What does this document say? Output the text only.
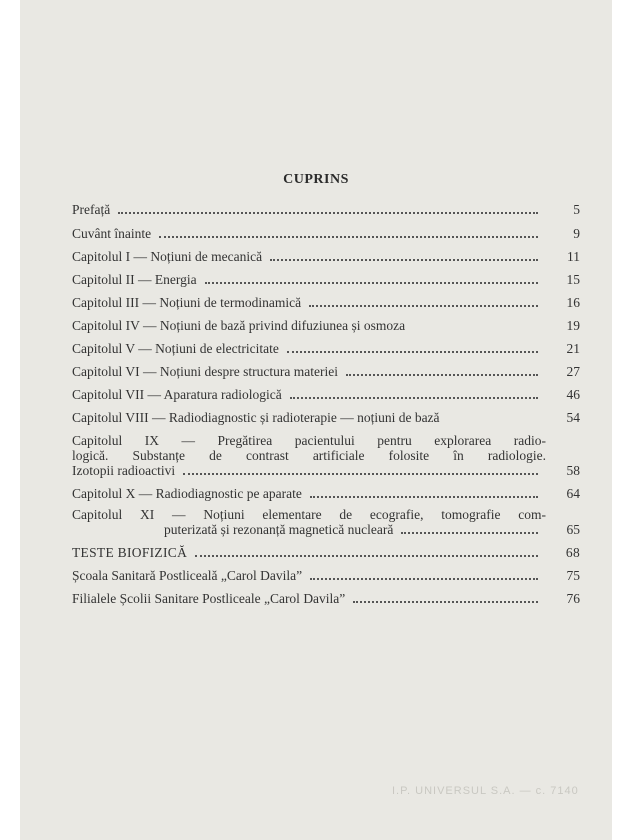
CUPRINS
Prefață	5
Cuvânt înainte	9
Capitolul I — Noțiuni de mecanică	11
Capitolul II — Energia	15
Capitolul III — Noțiuni de termodinamică	16
Capitolul IV — Noțiuni de bază privind difuziunea și osmoza	19
Capitolul V — Noțiuni de electricitate	21
Capitolul VI — Noțiuni despre structura materiei	27
Capitolul VII — Aparatura radiologică	46
Capitolul VIII — Radiodiagnostic și radioterapie — noțiuni de bază	54
Capitolul IX — Pregătirea pacientului pentru explorarea radio-
logică. Substanțe de contrast artificiale folosite în radiologie.
Izotopii radioactivi	58
Capitolul X — Radiodiagnostic pe aparate	64
Capitolul XI — Noțiuni elementare de ecografie, tomografie com-
puterizată și rezonanță magnetică nucleară	65
TESTE BIOFIZICĂ	68
Școala Sanitară Postliceală „Carol Davila”	75
Filialele Școlii Sanitare Postliceale „Carol Davila”	76
I.P. UNIVERSUL S.A. — c. 7140
